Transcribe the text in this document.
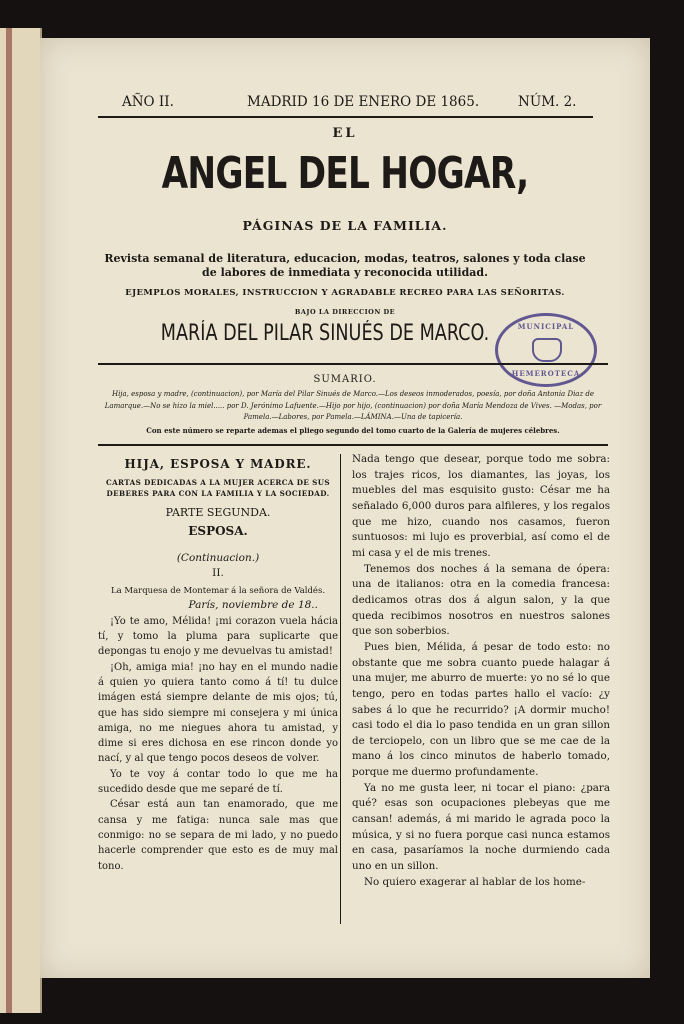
AÑO II.	MADRID 16 DE ENERO DE 1865.	NÚM. 2.
EL
ANGEL DEL HOGAR,
PÁGINAS DE LA FAMILIA.
Revista semanal de literatura, educacion, modas, teatros, salones y toda clase de labores de inmediata y reconocida utilidad.
EJEMPLOS MORALES, INSTRUCCION Y AGRADABLE RECREO PARA LAS SEÑORITAS.
BAJO LA DIRECCION DE
MARÍA DEL PILAR SINUÉS DE MARCO.	MUNICIPAL
HEMEROTECA
SUMARIO.
Hija, esposa y madre, (continuacion), por María del Pilar Sinués de Marco.—Los deseos inmoderados, poesía, por doña Antonia Diaz de Lamarque.—No se hizo la miel..... por D. Jerónimo Lafuente.—Hijo por hijo, (continuacion) por doña María Mendoza de Vives. —Modas, por Pamela.—Labores, por Pamela.—LÁMINA.—Una de tapicería.
Con este número se reparte ademas el pliego segundo del tomo cuarto de la Galería de mujeres célebres.
HIJA, ESPOSA Y MADRE.
CARTAS DEDICADAS A LA MUJER ACERCA DE SUS DEBERES PARA CON LA FAMILIA Y LA SOCIEDAD.
PARTE SEGUNDA.
ESPOSA.
(Continuacion.)
II.
La Marquesa de Montemar á la señora de Valdés.
París, noviembre de 18..

¡Yo te amo, Mélida! ¡mi corazon vuela hácia tí, y tomo la pluma para suplicarte que depongas tu enojo y me devuelvas tu amistad!

¡Oh, amiga mia! ¡no hay en el mundo nadie á quien yo quiera tanto como á tí! tu dulce imágen está siempre delante de mis ojos; tú, que has sido siempre mi consejera y mi única amiga, no me niegues ahora tu amistad, y dime si eres dichosa en ese rincon donde yo nací, y al que tengo pocos deseos de volver.

Yo te voy á contar todo lo que me ha sucedido desde que me separé de tí.

César está aun tan enamorado, que me cansa y me fatiga: nunca sale mas que conmigo: no se separa de mi lado, y no puedo hacerle comprender que esto es de muy mal tono.

Nada tengo que desear, porque todo me sobra: los trajes ricos, los diamantes, las joyas, los muebles del mas esquisito gusto: César me ha señalado 6,000 duros para alfileres, y los regalos que me hizo, cuando nos casamos, fueron suntuosos: mi lujo es proverbial, así como el de mi casa y el de mis trenes.

Tenemos dos noches á la semana de ópera: una de italianos: otra en la comedia francesa: dedicamos otras dos á algun salon, y la que queda recibimos nosotros en nuestros salones que son soberbios.

Pues bien, Mélida, á pesar de todo esto: no obstante que me sobra cuanto puede halagar á una mujer, me aburro de muerte: yo no sé lo que tengo, pero en todas partes hallo el vacío: ¿y sabes á lo que he recurrido? ¡A dormir mucho! casi todo el dia lo paso tendida en un gran sillon de terciopelo, con un libro que se me cae de la mano á los cinco minutos de haberlo tomado, porque me duermo profundamente.

Ya no me gusta leer, ni tocar el piano: ¿para qué? esas son ocupaciones plebeyas que me cansan! además, á mi marido le agrada poco la música, y si no fuera porque casi nunca estamos en casa, pasaríamos la noche durmiendo cada uno en un sillon.

No quiero exagerar al hablar de los home-
